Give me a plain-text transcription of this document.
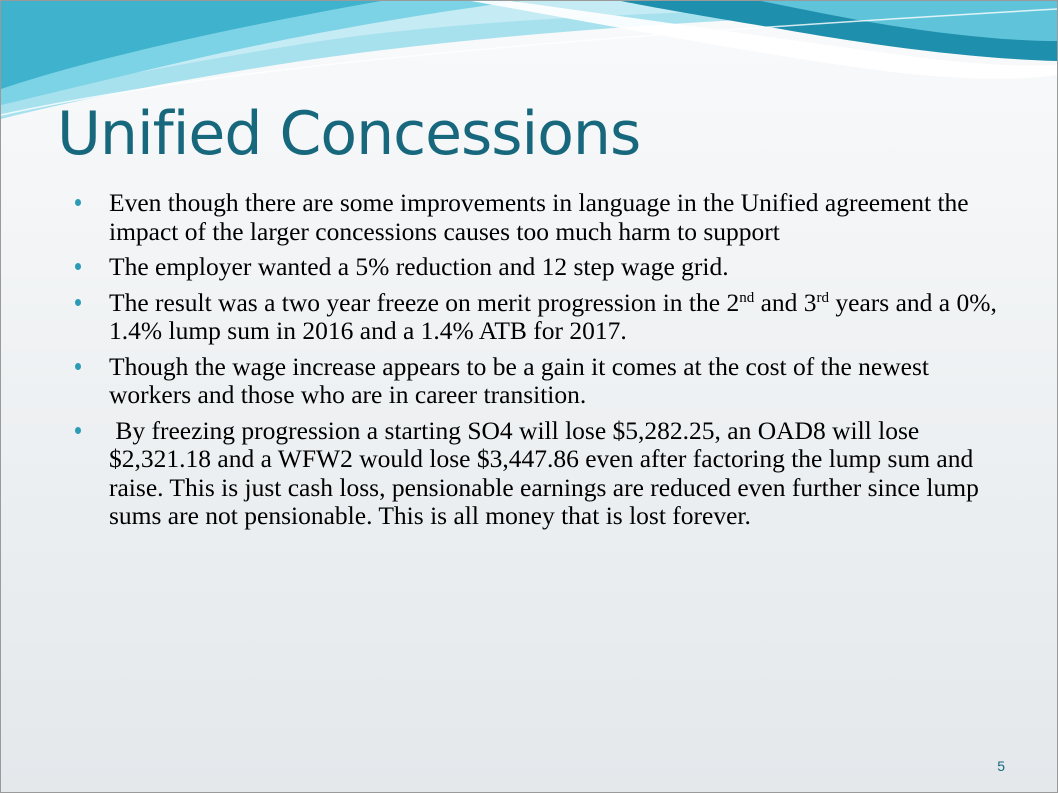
Unified Concessions
Even though there are some improvements in language in the Unified agreement the impact of the larger concessions causes too much harm to support
The employer wanted a 5% reduction and 12 step wage grid.
The result was a two year freeze on merit progression in the 2nd and 3rd years and a 0%, 1.4% lump sum in 2016 and a 1.4% ATB for 2017.
Though the wage increase appears to be a gain it comes at the cost of the newest workers and those who are in career transition.
By freezing progression a starting SO4 will lose $5,282.25, an OAD8 will lose $2,321.18 and a WFW2 would lose $3,447.86 even after factoring the lump sum and raise. This is just cash loss, pensionable earnings are reduced even further since lump sums are not pensionable. This is all money that is lost forever.
5
